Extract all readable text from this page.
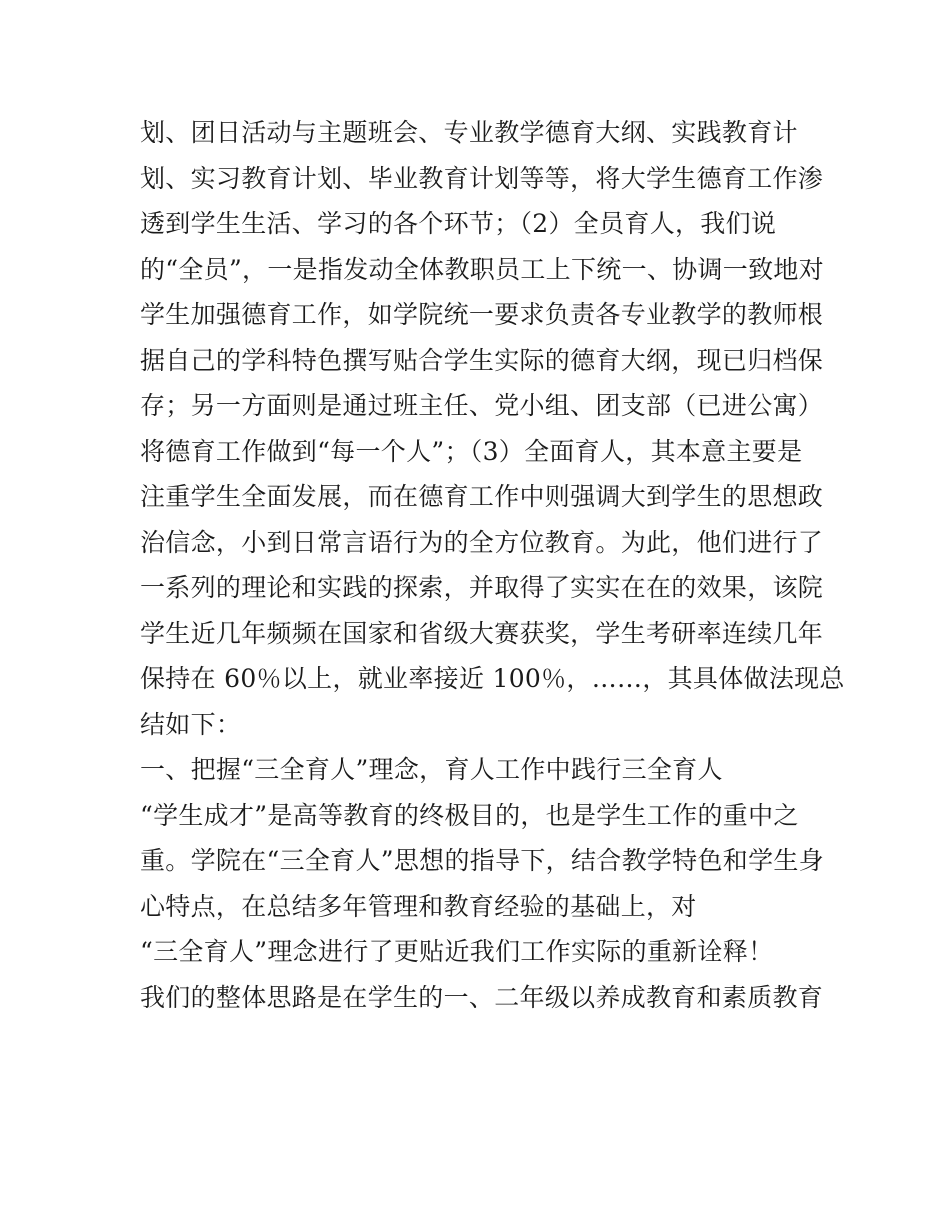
划、团日活动与主题班会、专业教学德育大纲、实践教育计
划、实习教育计划、毕业教育计划等等，将大学生德育工作渗
透到学生生活、学习的各个环节；（2）全员育人，我们说
的“全员”，一是指发动全体教职员工上下统一、协调一致地对
学生加强德育工作，如学院统一要求负责各专业教学的教师根
据自己的学科特色撰写贴合学生实际的德育大纲，现已归档保
存；另一方面则是通过班主任、党小组、团支部（已进公寓）
将德育工作做到“每一个人”；（3）全面育人，其本意主要是
注重学生全面发展，而在德育工作中则强调大到学生的思想政
治信念，小到日常言语行为的全方位教育。为此，他们进行了
一系列的理论和实践的探索，并取得了实实在在的效果，该院
学生近几年频频在国家和省级大赛获奖，学生考研率连续几年
保持在 60％以上，就业率接近 100％，……，其具体做法现总
结如下：
一、把握“三全育人”理念，育人工作中践行三全育人
“学生成才”是高等教育的终极目的，也是学生工作的重中之
重。学院在“三全育人”思想的指导下，结合教学特色和学生身
心特点，在总结多年管理和教育经验的基础上，对
“三全育人”理念进行了更贴近我们工作实际的重新诠释！
我们的整体思路是在学生的一、二年级以养成教育和素质教育
